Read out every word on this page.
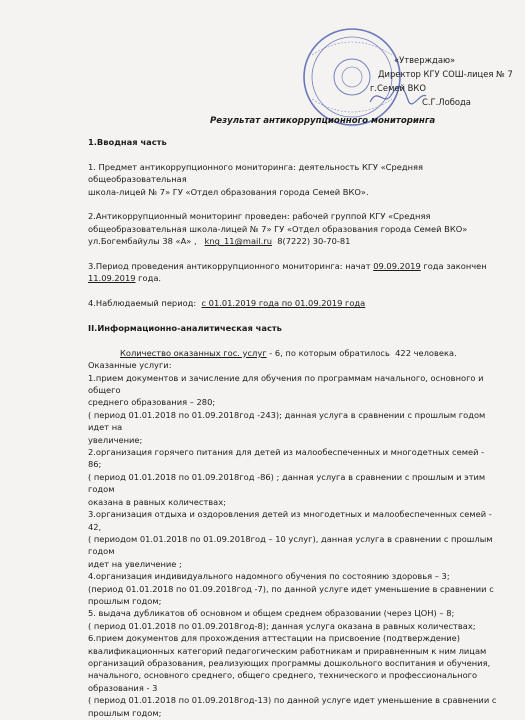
«Утверждаю»
Директор КГУ СОШ-лицея № 7
г.Семей ВКО
С.Г.Лобода
Результат антикоррупционного мониторинга

1.Вводная часть

1. Предмет антикоррупционного мониторинга: деятельность КГУ «Средняя общеобразовательная

школа-лицей № 7» ГУ «Отдел образования города Семей ВКО».

2.Антикоррупционный мониторинг проведен: рабочей группой КГУ «Средняя

общеобразовательная школа-лицей № 7» ГУ «Отдел образования города Семей ВКО»

ул.Богембайулы 38 «А» ,   kng_11@mail.ru  8(7222) 30-70-81

3.Период проведения антикоррупционного мониторинга: начат 09.09.2019 года закончен

11.09.2019 года.

4.Наблюдаемый период:  с 01.01.2019 года по 01.09.2019 года

II.Информационно-аналитическая часть

Количество оказанных гос. услуг - 6, по которым обратилось  422 человека.

Оказанные услуги:

1.прием документов и зачисление для обучения по программам начального, основного и общего

среднего образования – 280;

( период 01.01.2018 по 01.09.2018год -243); данная услуга в сравнении с прошлым годом идет на

увеличение;

2.организация горячего питания для детей из малообеспеченных и многодетных семей - 86;

( период 01.01.2018 по 01.09.2018год -86) ; данная услуга в сравнении с прошлым и этим годом

оказана в равных количествах;

3.организация отдыха и оздоровления детей из многодетных и малообеспеченных семей - 42,

( периодом 01.01.2018 по 01.09.2018год – 10 услуг), данная услуга в сравнении с прошлым годом

идет на увеличение ;

4.организация индивидуального надомного обучения по состоянию здоровья – 3;

(период 01.01.2018 по 01.09.2018год -7), по данной услуге идет уменьшение в сравнении с

прошлым годом;

5. выдача дубликатов об основном и общем среднем образовании (через ЦОН) – 8;

( период 01.01.2018 по 01.09.2018год-8); данная услуга оказана в равных количествах;

6.прием документов для прохождения аттестации на присвоение (подтверждение)

квалификационных категорий педагогическим работникам и приравненным к ним лицам

организаций образования, реализующих программы дошкольного воспитания и обучения,

начального, основного среднего, общего среднего, технического и профессионального

образования - 3

( период 01.01.2018 по 01.09.2018год-13) по данной услуге идет уменьшение в сравнении с

прошлым годом;
